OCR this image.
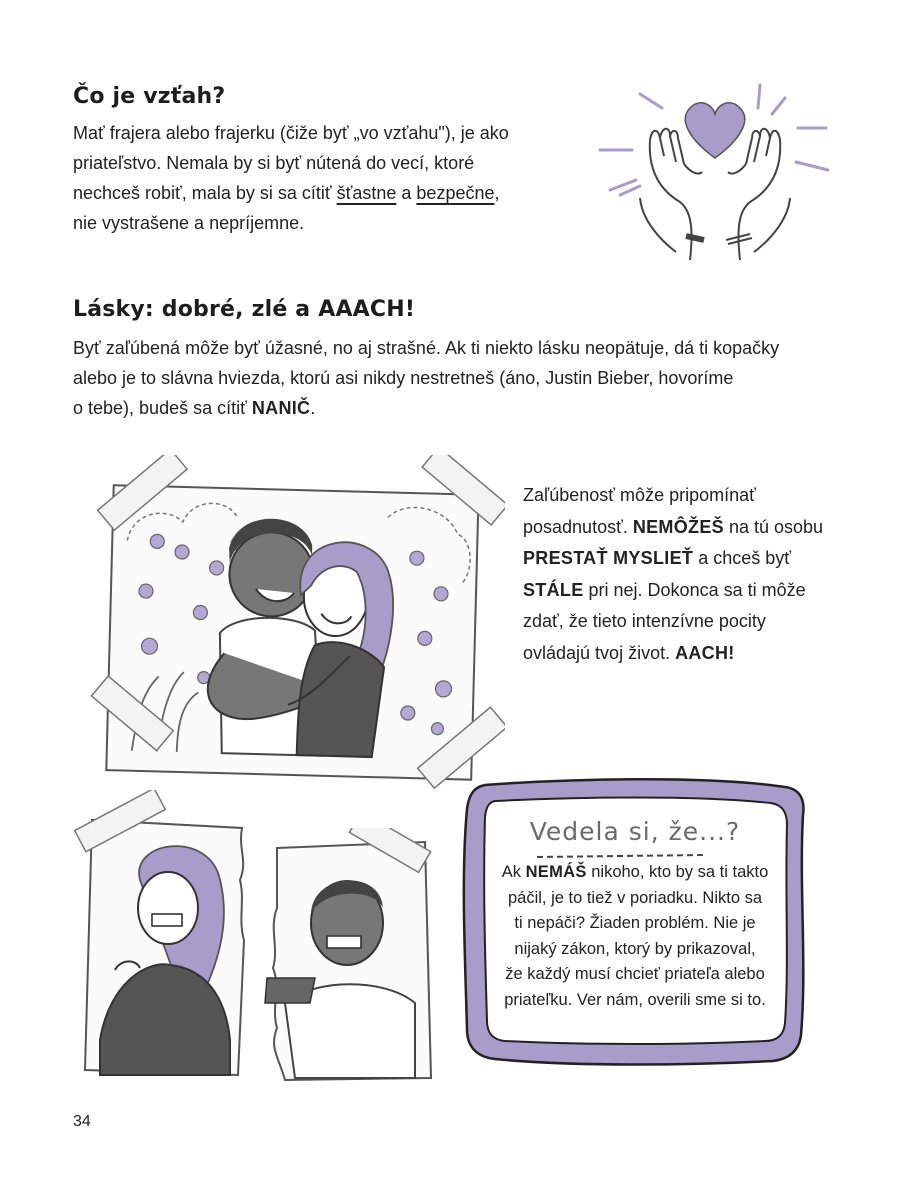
Čo je vzťah?
Mať frajera alebo frajerku (čiže byť „vo vzťahu"), je ako
priateľstvo. Nemala by si byť nútená do vecí, ktoré
nechceš robiť, mala by si sa cítiť šťastne a bezpečne,
nie vystrašene a nepríjemne.
Lásky: dobré, zlé a AAACH!
Byť zaľúbená môže byť úžasné, no aj strašné. Ak ti niekto lásku neopätuje, dá ti kopačky
alebo je to slávna hviezda, ktorú asi nikdy nestretneš (áno, Justin Bieber, hovoríme
o tebe), budeš sa cítiť NANIČ.
Zaľúbenosť môže pripomínať
posadnutosť. NEMÔŽEŠ na tú osobu
PRESTAŤ MYSLIEŤ a chceš byť
STÁLE pri nej. Dokonca sa ti môže
zdať, že tieto intenzívne pocity
ovládajú tvoj život. AACH!
Vedela si, že...?
Ak NEMÁŠ nikoho, kto by sa ti takto
páčil, je to tiež v poriadku. Nikto sa
ti nepáči? Žiaden problém. Nie je
nijaký zákon, ktorý by prikazoval,
že každý musí chcieť priateľa alebo
priateľku. Ver nám, overili sme si to.
34
